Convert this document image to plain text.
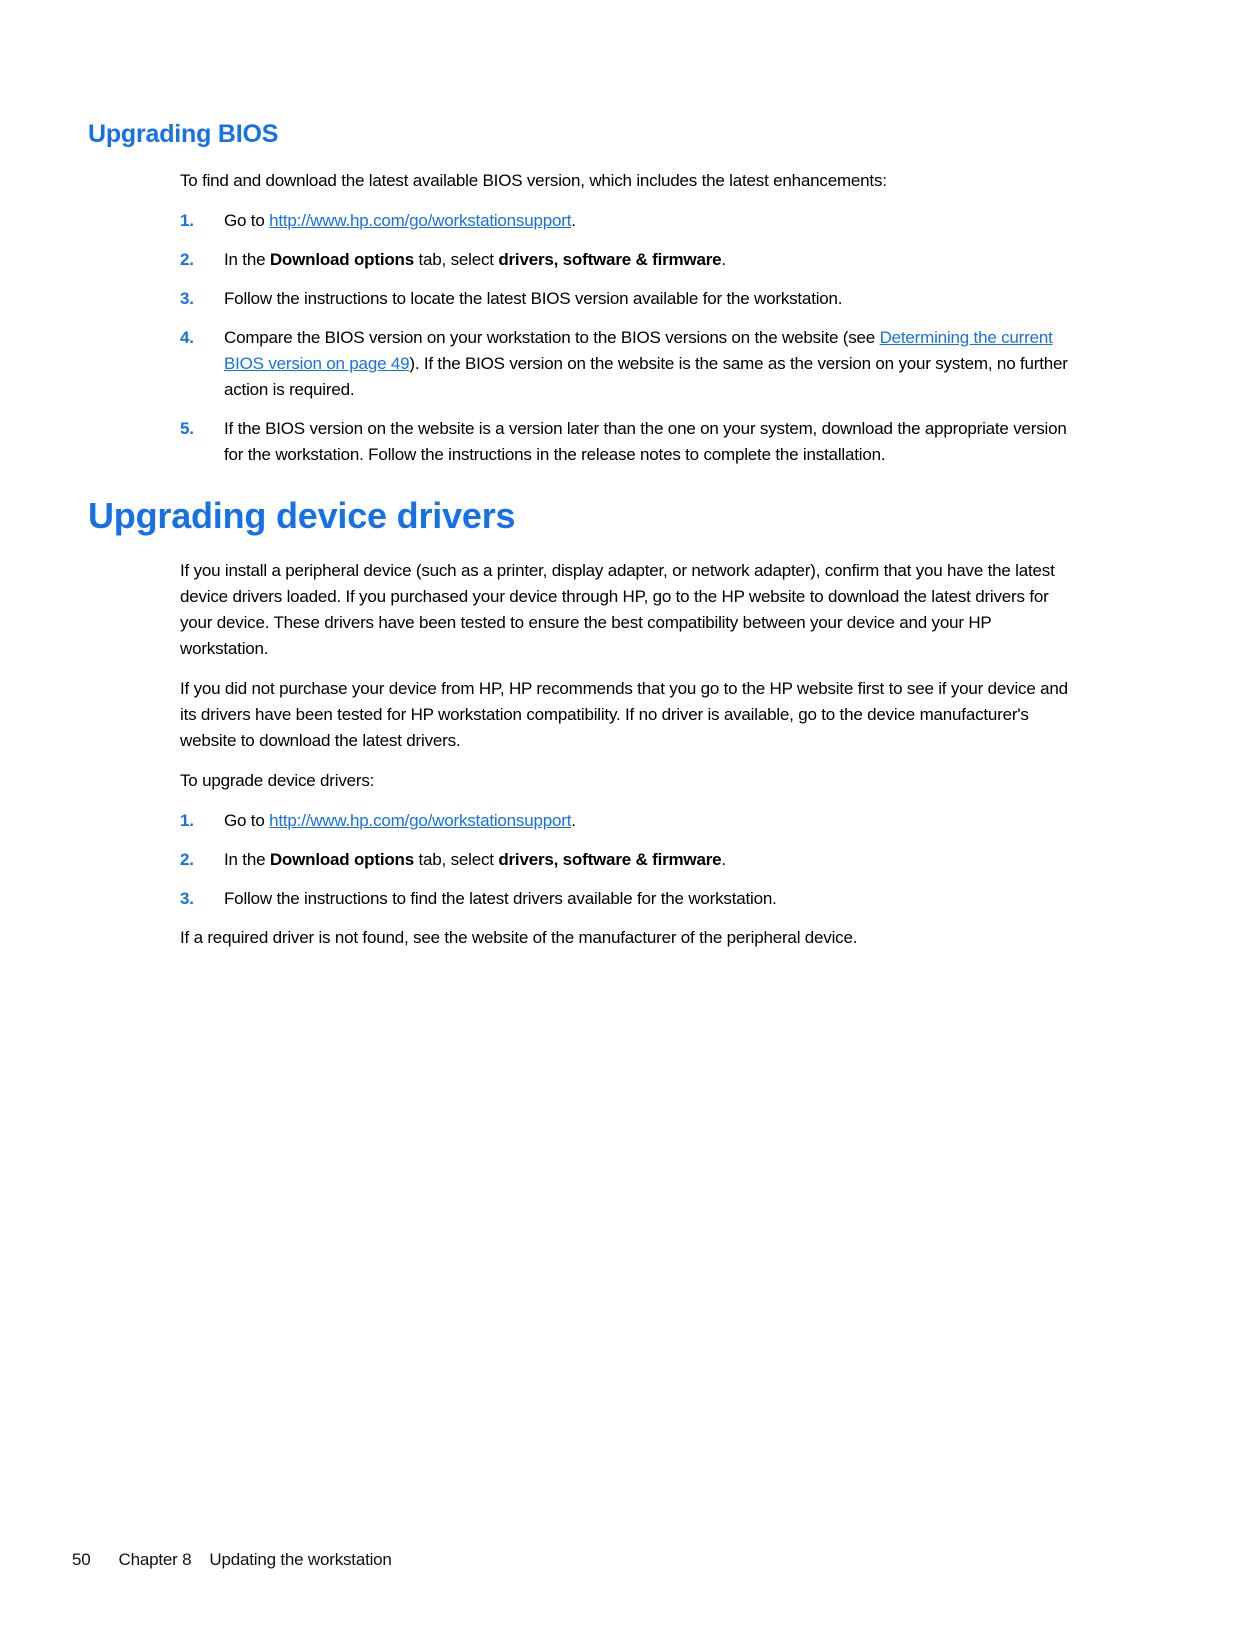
Upgrading BIOS

To find and download the latest available BIOS version, which includes the latest enhancements:

1. Go to http://www.hp.com/go/workstationsupport.
2. In the Download options tab, select drivers, software & firmware.
3. Follow the instructions to locate the latest BIOS version available for the workstation.
4. Compare the BIOS version on your workstation to the BIOS versions on the website (see Determining the current BIOS version on page 49). If the BIOS version on the website is the same as the version on your system, no further action is required.
5. If the BIOS version on the website is a version later than the one on your system, download the appropriate version for the workstation. Follow the instructions in the release notes to complete the installation.
Upgrading device drivers

If you install a peripheral device (such as a printer, display adapter, or network adapter), confirm that you have the latest device drivers loaded. If you purchased your device through HP, go to the HP website to download the latest drivers for your device. These drivers have been tested to ensure the best compatibility between your device and your HP workstation.

If you did not purchase your device from HP, HP recommends that you go to the HP website first to see if your device and its drivers have been tested for HP workstation compatibility. If no driver is available, go to the device manufacturer's website to download the latest drivers.

To upgrade device drivers:

1. Go to http://www.hp.com/go/workstationsupport.
2. In the Download options tab, select drivers, software & firmware.
3. Follow the instructions to find the latest drivers available for the workstation.

If a required driver is not found, see the website of the manufacturer of the peripheral device.

50 Chapter 8 Updating the workstation
